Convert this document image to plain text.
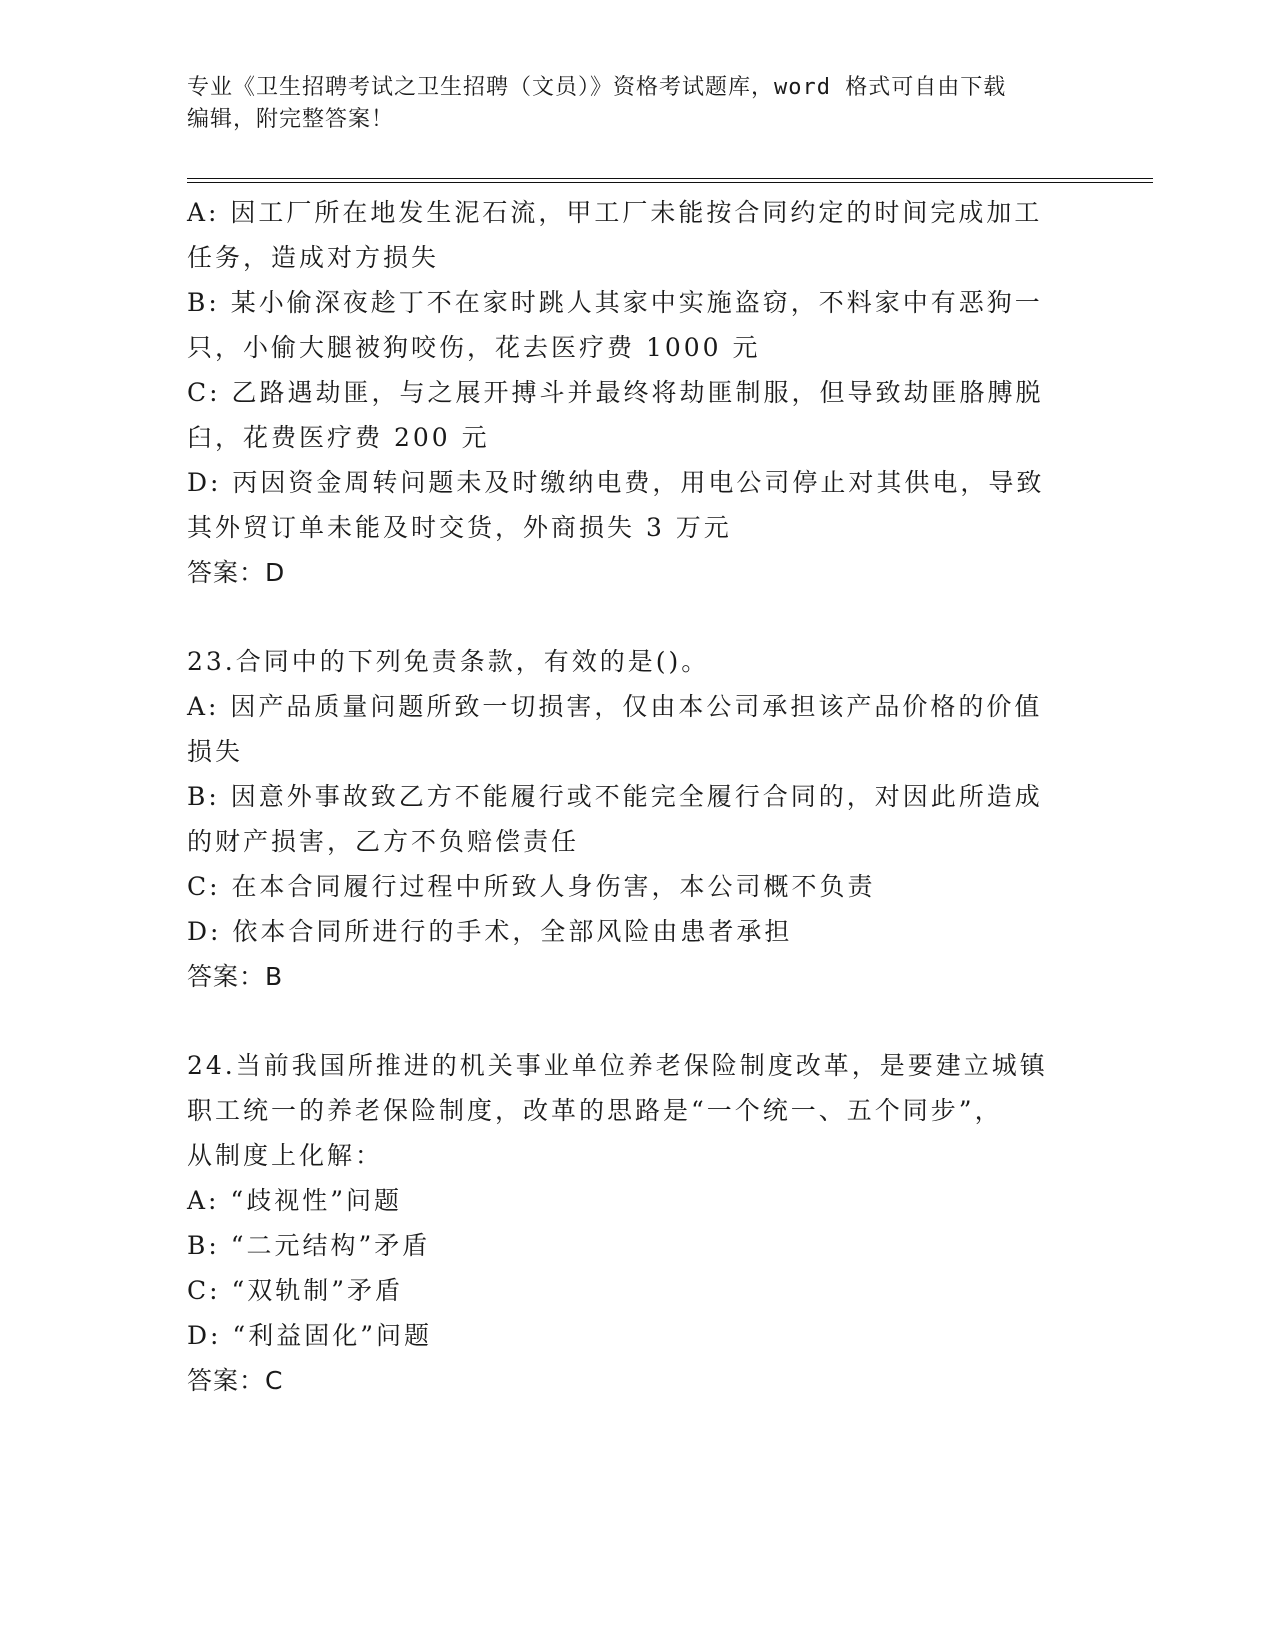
专业《卫生招聘考试之卫生招聘（文员）》资格考试题库，word 格式可自由下载
编辑，附完整答案！
A: 因工厂所在地发生泥石流，甲工厂未能按合同约定的时间完成加工
任务，造成对方损失
B: 某小偷深夜趁丁不在家时跳人其家中实施盗窃，不料家中有恶狗一
只，小偷大腿被狗咬伤，花去医疗费 1000 元
C: 乙路遇劫匪，与之展开搏斗并最终将劫匪制服，但导致劫匪胳膊脱
臼，花费医疗费 200 元
D: 丙因资金周转问题未及时缴纳电费，用电公司停止对其供电，导致
其外贸订单未能及时交货，外商损失 3 万元
答案：D
23.合同中的下列免责条款，有效的是()。
A: 因产品质量问题所致一切损害，仅由本公司承担该产品价格的价值
损失
B: 因意外事故致乙方不能履行或不能完全履行合同的，对因此所造成
的财产损害，乙方不负赔偿责任
C: 在本合同履行过程中所致人身伤害，本公司概不负责
D: 依本合同所进行的手术，全部风险由患者承担
答案：B
24.当前我国所推进的机关事业单位养老保险制度改革，是要建立城镇
职工统一的养老保险制度，改革的思路是“一个统一、五个同步”，
从制度上化解：
A: “歧视性”问题
B: “二元结构”矛盾
C: “双轨制”矛盾
D: “利益固化”问题
答案：C
